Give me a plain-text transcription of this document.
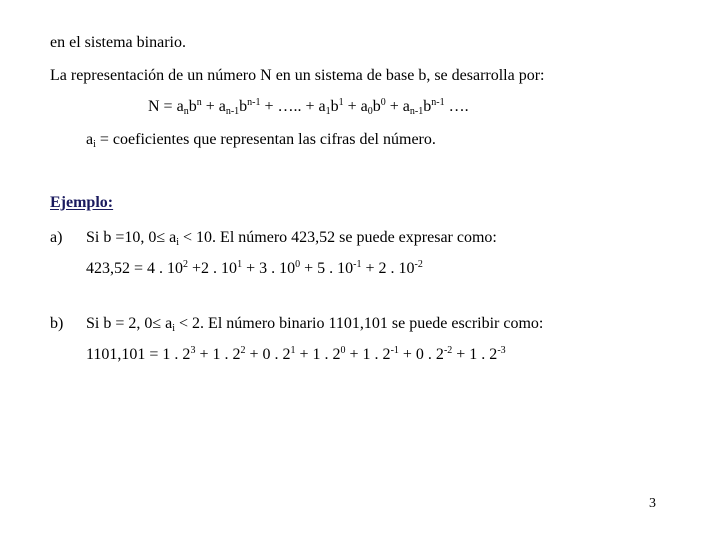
en el sistema binario.
La representación de un número N en un sistema de base b, se desarrolla por:
$N = a_nb^n + a_{n-1}b^{n-1}$ + ….. + $a_1b^1 + a_0b^0 + a_{n-1}b^{n-1}$ ….
$a_i$ = coeficientes que representan las cifras del número.
Ejemplo:
a) Si b =10, $0\le a_i < 10$. El número 423,52 se puede expresar como:
423,52 = 4 . $10^2 +2$ . $10^1 + 3$ . $10^0 + 5$ . $10^{-1} + 2$ . $10^{-2}$
b) Si b = 2, $0\le a_i < 2$. El número binario 1101,101 se puede escribir como:
1101,101 = 1 . $2^3 + 1$ . $2^2 + 0$ . $2^1 + 1$ . $2^0 + 1$ . $2^{-1} + 0$ . $2^{-2} + 1$ . $2^{-3}$
3
